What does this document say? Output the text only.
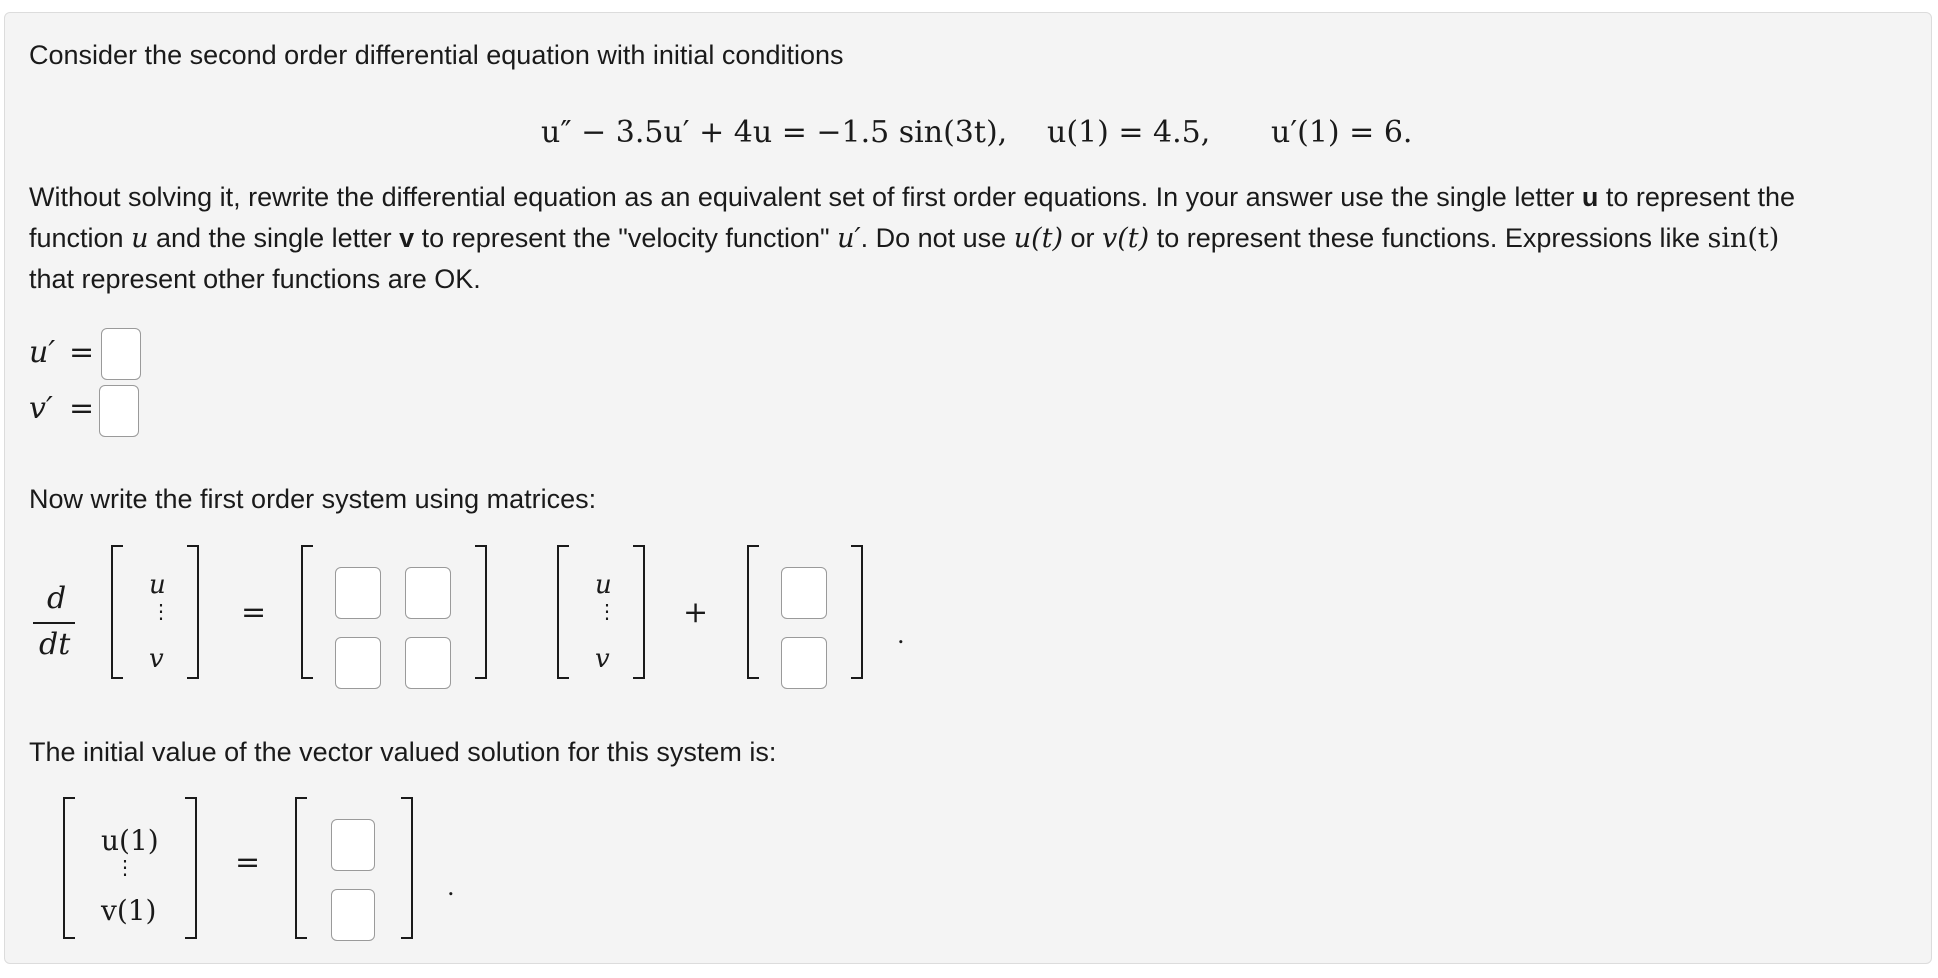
Consider the second order differential equation with initial conditions
u″ − 3.5u′ + 4u = −1.5 sin(3t), u(1) = 4.5, u′(1) = 6.
Without solving it, rewrite the differential equation as an equivalent set of first order equations. In your answer use the single letter u to represent the
function u and the single letter v to represent the "velocity function" u′. Do not use u(t) or v(t) to represent these functions. Expressions like sin(t)
that represent other functions are OK.
u′ =
v′ =
Now write the first order system using matrices:
d
dt
u
⋮
v
=
u
⋮
v
+
.
The initial value of the vector valued solution for this system is:
u(1)
⋮
v(1)
=
.
